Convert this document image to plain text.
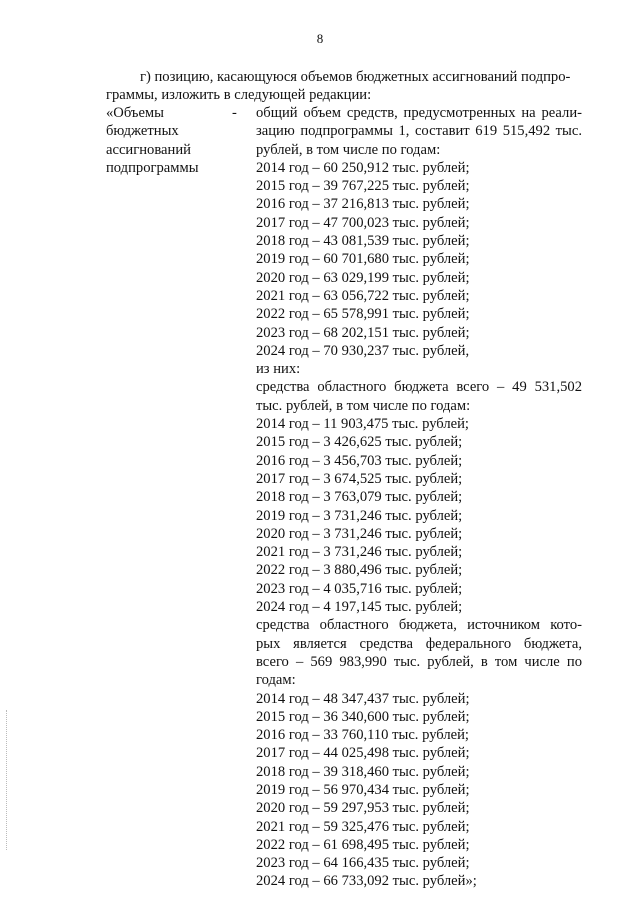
8
г) позицию, касающуюся объемов бюджетных ассигнований подпро-
граммы, изложить в следующей редакции:
«Объемы
бюджетных
ассигнований
подпрограммы
- общий объем средств, предусмотренных на реали-
зацию подпрограммы 1, составит 619 515,492 тыс.
рублей, в том числе по годам:
2014 год – 60 250,912 тыс. рублей;
2015 год – 39 767,225 тыс. рублей;
2016 год – 37 216,813 тыс. рублей;
2017 год – 47 700,023 тыс. рублей;
2018 год – 43 081,539 тыс. рублей;
2019 год – 60 701,680 тыс. рублей;
2020 год – 63 029,199 тыс. рублей;
2021 год – 63 056,722 тыс. рублей;
2022 год – 65 578,991 тыс. рублей;
2023 год – 68 202,151 тыс. рублей;
2024 год – 70 930,237 тыс. рублей,
из них:
средства областного бюджета всего – 49 531,502
тыс. рублей, в том числе по годам:
2014 год – 11 903,475 тыс. рублей;
2015 год – 3 426,625 тыс. рублей;
2016 год – 3 456,703 тыс. рублей;
2017 год – 3 674,525 тыс. рублей;
2018 год – 3 763,079 тыс. рублей;
2019 год – 3 731,246 тыс. рублей;
2020 год – 3 731,246 тыс. рублей;
2021 год – 3 731,246 тыс. рублей;
2022 год – 3 880,496 тыс. рублей;
2023 год – 4 035,716 тыс. рублей;
2024 год – 4 197,145 тыс. рублей;
средства областного бюджета, источником кото-
рых является средства федерального бюджета,
всего – 569 983,990 тыс. рублей, в том числе по
годам:
2014 год – 48 347,437 тыс. рублей;
2015 год – 36 340,600 тыс. рублей;
2016 год – 33 760,110 тыс. рублей;
2017 год – 44 025,498 тыс. рублей;
2018 год – 39 318,460 тыс. рублей;
2019 год – 56 970,434 тыс. рублей;
2020 год – 59 297,953 тыс. рублей;
2021 год – 59 325,476 тыс. рублей;
2022 год – 61 698,495 тыс. рублей;
2023 год – 64 166,435 тыс. рублей;
2024 год – 66 733,092 тыс. рублей»;
